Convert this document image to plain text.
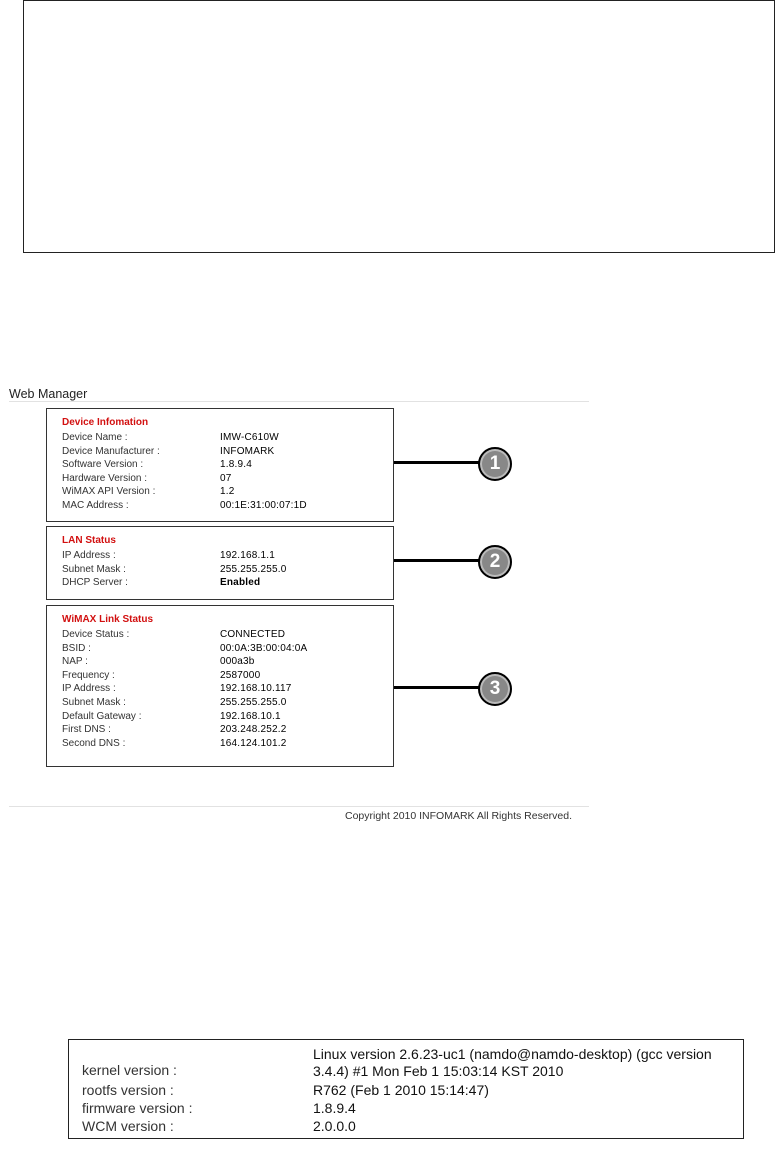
Web Manager
Device Infomation
Device Name :	IMW-C610W
Device Manufacturer :	INFOMARK
Software Version :	1.8.9.4
Hardware Version :	07
WiMAX API Version :	1.2
MAC Address :	00:1E:31:00:07:1D
LAN Status
IP Address :	192.168.1.1
Subnet Mask :	255.255.255.0
DHCP Server :	Enabled
WiMAX Link Status
Device Status :	CONNECTED
BSID :	00:0A:3B:00:04:0A
NAP :	000a3b
Frequency :	2587000
IP Address :	192.168.10.117
Subnet Mask :	255.255.255.0
Default Gateway :	192.168.10.1
First DNS :	203.248.252.2
Second DNS :	164.124.101.2
1
2
3
Copyright 2010 INFOMARK All Rights Reserved.
kernel version :
Linux version 2.6.23-uc1 (namdo@namdo-desktop) (gcc version 3.4.4) #1 Mon Feb 1 15:03:14 KST 2010
rootfs version :	R762 (Feb 1 2010 15:14:47)
firmware version :	1.8.9.4
WCM version :	2.0.0.0
